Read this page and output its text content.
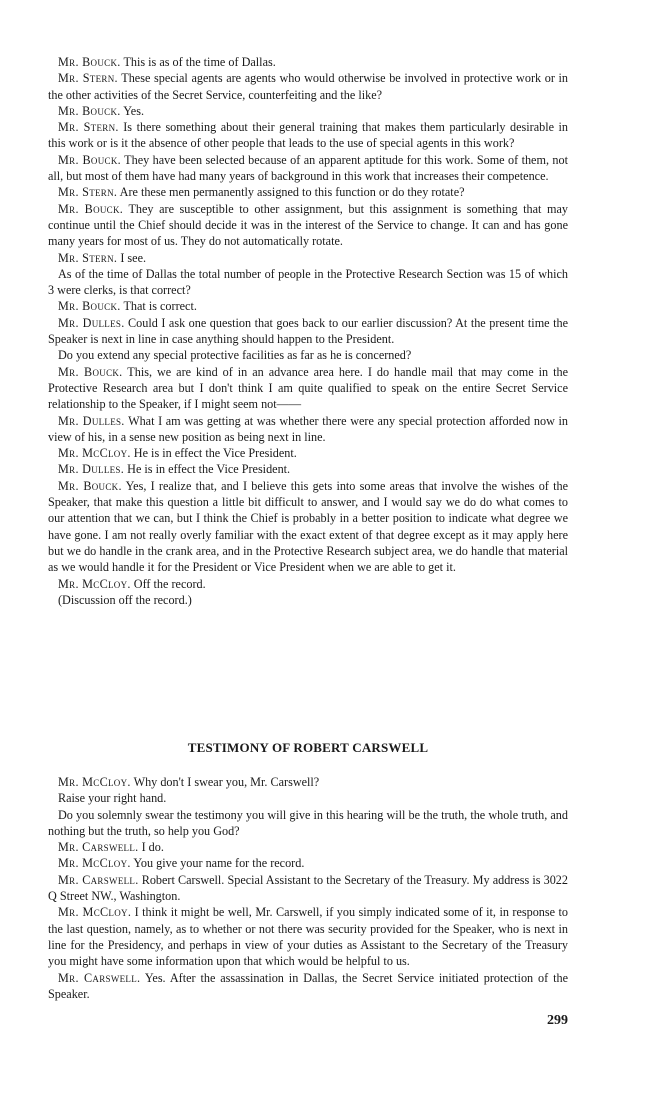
Mr. Bouck. This is as of the time of Dallas.

Mr. Stern. These special agents are agents who would otherwise be involved in protective work or in the other activities of the Secret Service, counterfeiting and the like?

Mr. Bouck. Yes.

Mr. Stern. Is there something about their general training that makes them particularly desirable in this work or is it the absence of other people that leads to the use of special agents in this work?

Mr. Bouck. They have been selected because of an apparent aptitude for this work. Some of them, not all, but most of them have had many years of background in this work that increases their competence.

Mr. Stern. Are these men permanently assigned to this function or do they rotate?

Mr. Bouck. They are susceptible to other assignment, but this assignment is something that may continue until the Chief should decide it was in the interest of the Service to change. It can and has gone many years for most of us. They do not automatically rotate.

Mr. Stern. I see.

As of the time of Dallas the total number of people in the Protective Research Section was 15 of which 3 were clerks, is that correct?

Mr. Bouck. That is correct.

Mr. Dulles. Could I ask one question that goes back to our earlier discussion? At the present time the Speaker is next in line in case anything should happen to the President.

Do you extend any special protective facilities as far as he is concerned?

Mr. Bouck. This, we are kind of in an advance area here. I do handle mail that may come in the Protective Research area but I don't think I am quite qualified to speak on the entire Secret Service relationship to the Speaker, if I might seem not——

Mr. Dulles. What I am was getting at was whether there were any special protection afforded now in view of his, in a sense new position as being next in line.

Mr. McCloy. He is in effect the Vice President.

Mr. Dulles. He is in effect the Vice President.

Mr. Bouck. Yes, I realize that, and I believe this gets into some areas that involve the wishes of the Speaker, that make this question a little bit difficult to answer, and I would say we do do what comes to our attention that we can, but I think the Chief is probably in a better position to indicate what degree we have gone. I am not really overly familiar with the exact extent of that degree except as it may apply here but we do handle in the crank area, and in the Protective Research subject area, we do handle that material as we would handle it for the President or Vice President when we are able to get it.

Mr. McCloy. Off the record.

(Discussion off the record.)

TESTIMONY OF ROBERT CARSWELL

Mr. McCloy. Why don't I swear you, Mr. Carswell?

Raise your right hand.

Do you solemnly swear the testimony you will give in this hearing will be the truth, the whole truth, and nothing but the truth, so help you God?

Mr. Carswell. I do.

Mr. McCloy. You give your name for the record.

Mr. Carswell. Robert Carswell. Special Assistant to the Secretary of the Treasury. My address is 3022 Q Street NW., Washington.

Mr. McCloy. I think it might be well, Mr. Carswell, if you simply indicated some of it, in response to the last question, namely, as to whether or not there was security provided for the Speaker, who is next in line for the Presidency, and perhaps in view of your duties as Assistant to the Secretary of the Treasury you might have some information upon that which would be helpful to us.

Mr. Carswell. Yes. After the assassination in Dallas, the Secret Service initiated protection of the Speaker.

299
